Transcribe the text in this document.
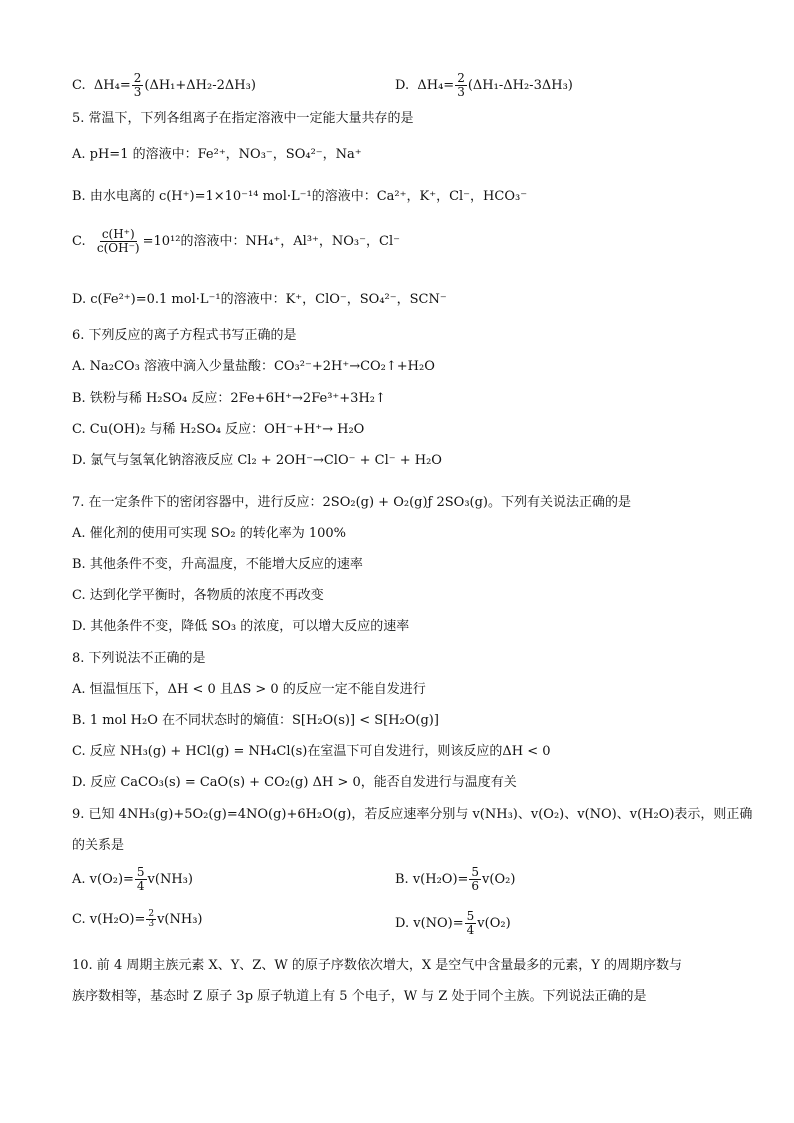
C. $\Delta H_4= \frac{2}{3} (\Delta H_1+\Delta H_2-2\Delta H_3)$	D. $\Delta H_4= \frac{2}{3} (\Delta H_1-\Delta H_2-3\Delta H_3)$
5. 常温下，下列各组离子在指定溶液中一定能大量共存的是
A. pH=1 的溶液中：Fe²⁺，NO₃⁻，SO₄²⁻，Na⁺
B. 由水电离的 c(H⁺)=1×10⁻¹⁴ mol·L⁻¹的溶液中：Ca²⁺，K⁺，Cl⁻，HCO₃⁻
C. $\frac{c(H^+)}{c(OH^-)} =10^{12}$的溶液中：NH₄⁺，Al³⁺，NO₃⁻，Cl⁻
D. c(Fe²⁺)=0.1 mol·L⁻¹的溶液中：K⁺，ClO⁻，SO₄²⁻，SCN⁻
6. 下列反应的离子方程式书写正确的是
A. Na₂CO₃ 溶液中滴入少量盐酸：CO₃²⁻+2H⁺→CO₂↑+H₂O
B. 铁粉与稀 H₂SO₄ 反应：2Fe+6H⁺→2Fe³⁺+3H₂↑
C. Cu(OH)₂ 与稀 H₂SO₄ 反应：OH⁻+H⁺→ H₂O
D. 氯气与氢氧化钠溶液反应 Cl₂ + 2OH⁻→ClO⁻ + Cl⁻ + H₂O
7. 在一定条件下的密闭容器中，进行反应：2SO₂(g) + O₂(g)ƒ 2SO₃(g)。下列有关说法正确的是
A. 催化剂的使用可实现 SO₂ 的转化率为 100%
B. 其他条件不变，升高温度，不能增大反应的速率
C. 达到化学平衡时，各物质的浓度不再改变
D. 其他条件不变，降低 SO₃ 的浓度，可以增大反应的速率
8. 下列说法不正确的是
A. 恒温恒压下，ΔH < 0 且ΔS > 0 的反应一定不能自发进行
B. 1 mol H₂O 在不同状态时的熵值：S[H₂O(s)] < S[H₂O(g)]
C. 反应 NH₃(g) + HCl(g) = NH₄Cl(s)在室温下可自发进行，则该反应的ΔH < 0
D. 反应 CaCO₃(s) = CaO(s) + CO₂(g) ΔH > 0，能否自发进行与温度有关
9. 已知 4NH₃(g)+5O₂(g)=4NO(g)+6H₂O(g)，若反应速率分别与 v(NH₃)、v(O₂)、v(NO)、v(H₂O)表示，则正确
的关系是
A. $v(O_2)= \frac{5}{4} v(NH_3)$	B. $v(H_2O)= \frac{5}{6} v(O_2)$
C. $v(H_2O)= \frac{2}{3} v(NH_3)$	D. $v(NO)= \frac{5}{4} v(O_2)$
10. 前 4 周期主族元素 X、Y、Z、W 的原子序数依次增大，X 是空气中含量最多的元素，Y 的周期序数与
族序数相等，基态时 Z 原子 3p 原子轨道上有 5 个电子，W 与 Z 处于同个主族。下列说法正确的是
